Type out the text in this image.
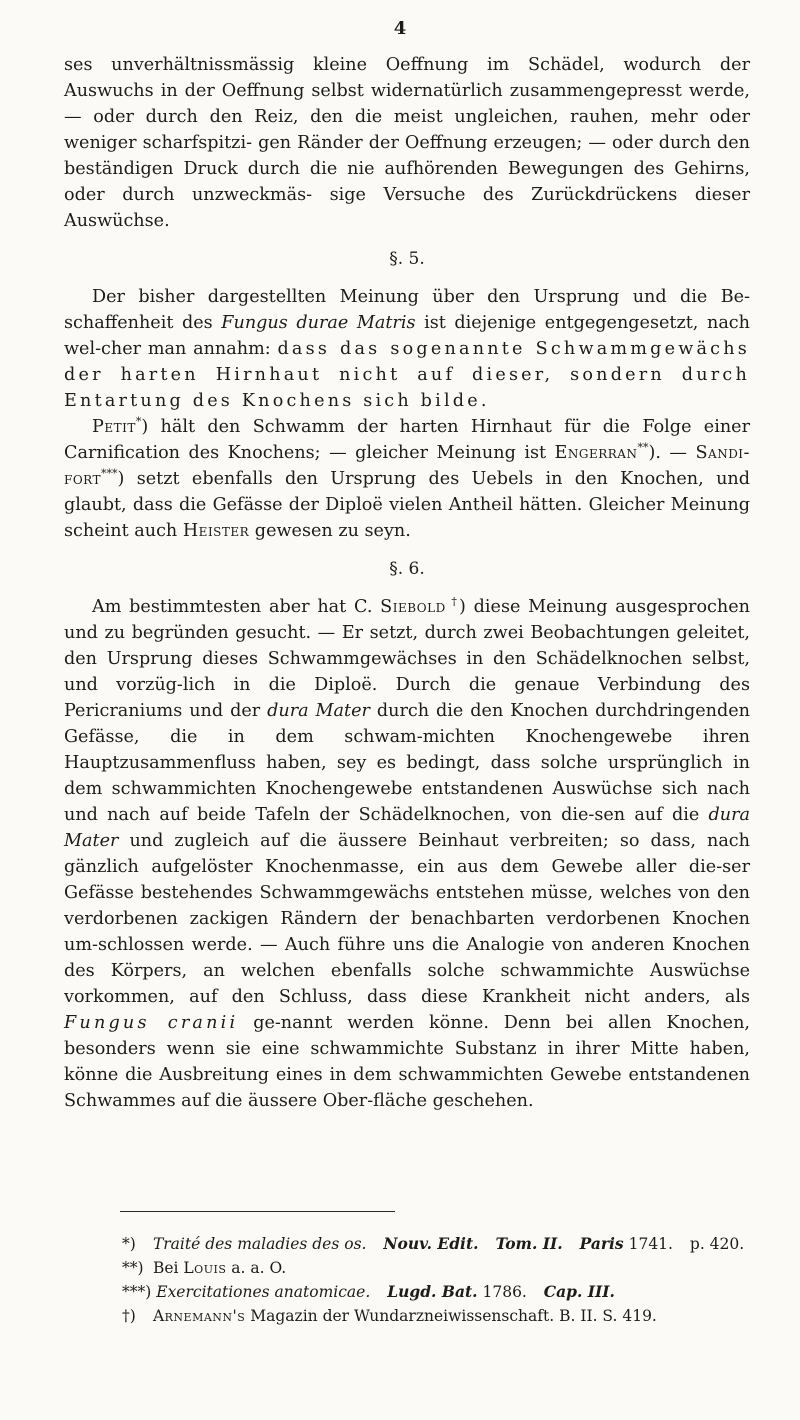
4

ses unverhältnissmässig kleine Oeffnung im Schädel, wodurch der Auswuchs in der Oeffnung selbst widernatürlich zusammengepresst werde, — oder durch den Reiz, den die meist ungleichen, rauhen, mehr oder weniger scharfspitzi- gen Ränder der Oeffnung erzeugen; — oder durch den beständigen Druck durch die nie aufhörenden Bewegungen des Gehirns, oder durch unzweckmäs- sige Versuche des Zurückdrückens dieser Auswüchse.

§. 5.

Der bisher dargestellten Meinung über den Ursprung und die Be-schaffenheit des Fungus durae Matris ist diejenige entgegengesetzt, nach wel-cher man annahm: dass das sogenannte Schwammgewächs der harten Hirnhaut nicht auf dieser, sondern durch Entartung des Knochens sich bilde.

Petit*) hält den Schwamm der harten Hirnhaut für die Folge einer Carnification des Knochens; — gleicher Meinung ist Engerran**). — Sandi-fort***) setzt ebenfalls den Ursprung des Uebels in den Knochen, und glaubt, dass die Gefässe der Diploë vielen Antheil hätten. Gleicher Meinung scheint auch Heister gewesen zu seyn.

§. 6.

Am bestimmtesten aber hat C. Siebold †) diese Meinung ausgesprochen und zu begründen gesucht. — Er setzt, durch zwei Beobachtungen geleitet, den Ursprung dieses Schwammgewächses in den Schädelknochen selbst, und vorzüg-lich in die Diploë. Durch die genaue Verbindung des Pericraniums und der dura Mater durch die den Knochen durchdringenden Gefässe, die in dem schwam-michten Knochengewebe ihren Hauptzusammenfluss haben, sey es bedingt, dass solche ursprünglich in dem schwammichten Knochengewebe entstandenen Auswüchse sich nach und nach auf beide Tafeln der Schädelknochen, von die-sen auf die dura Mater und zugleich auf die äussere Beinhaut verbreiten; so dass, nach gänzlich aufgelöster Knochenmasse, ein aus dem Gewebe aller die-ser Gefässe bestehendes Schwammgewächs entstehen müsse, welches von den verdorbenen zackigen Rändern der benachbarten verdorbenen Knochen um-schlossen werde. — Auch führe uns die Analogie von anderen Knochen des Körpers, an welchen ebenfalls solche schwammichte Auswüchse vorkommen, auf den Schluss, dass diese Krankheit nicht anders, als Fungus cranii ge-nannt werden könne. Denn bei allen Knochen, besonders wenn sie eine schwammichte Substanz in ihrer Mitte haben, könne die Ausbreitung eines in dem schwammichten Gewebe entstandenen Schwammes auf die äussere Ober-fläche geschehen.

*) Traité des maladies des os. Nouv. Edit. Tom. II. Paris 1741. p. 420.
**) Bei Louis a. a. O.
***) Exercitationes anatomicae. Lugd. Bat. 1786. Cap. III.
†) Arnemann's Magazin der Wundarzneiwissenschaft. B. II. S. 419.
